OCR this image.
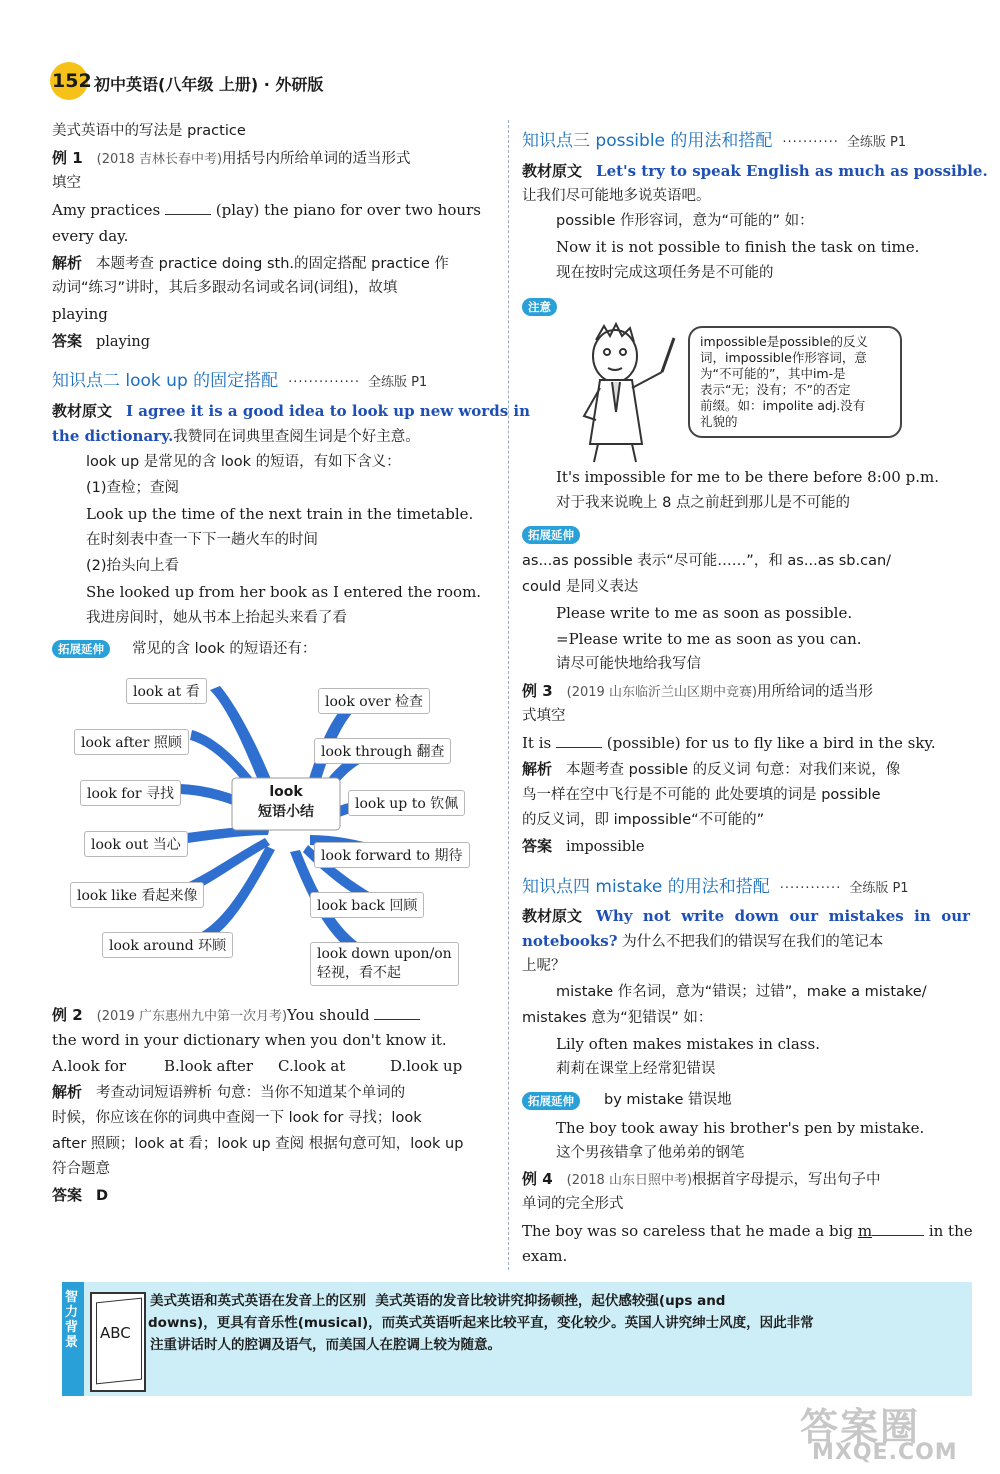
152 初中英语(八年级 上册) · 外研版
美式英语中的写法是 practice
例 1 (2018 吉林长春中考)用括号内所给单词的适当形式
填空
Amy practices	(play) the piano for over two hours
every day.
解析 本题考查 practice doing sth.的固定搭配 practice 作
动词“练习”讲时，其后多跟动名词或名词(词组)，故填
playing
答案 playing
知识点二 look up 的固定搭配 ·············· 全练版 P1
教材原文 I agree it is a good idea to look up new words in
the dictionary.我赞同在词典里查阅生词是个好主意。
look up 是常见的含 look 的短语，有如下含义：
(1)查检；查阅
Look up the time of the next train in the timetable.
在时刻表中查一下下一趟火车的时间
(2)抬头向上看
She looked up from her book as I entered the room.
我进房间时，她从书本上抬起头来看了看
拓展延伸	常见的含 look 的短语还有：
look
短语小结
look at 看
look after 照顾
look for 寻找
look out 当心
look like 看起来像
look around 环顾
look over 检查
look through 翻查
look up to 钦佩
look forward to 期待
look back 回顾
look down upon/on
轻视，看不起
例 2 (2019 广东惠州九中第一次月考)You should
the word in your dictionary when you don't know it.
A.look for	B.look after C.look at	D.look up
解析 考查动词短语辨析 句意：当你不知道某个单词的
时候，你应该在你的词典中查阅一下 look for 寻找；look
after 照顾；look at 看；look up 查阅 根据句意可知，look up
符合题意
答案 D
知识点三 possible 的用法和搭配 ··········· 全练版 P1
教材原文 Let's try to speak English as much as possible.
让我们尽可能地多说英语吧。
possible 作形容词，意为“可能的” 如：
Now it is not possible to finish the task on time.
现在按时完成这项任务是不可能的
注意
impossible是possible的反义
词，impossible作形容词，意
为“不可能的”，其中im-是
表示“无；没有；不”的否定
前缀。如：impolite adj.没有
礼貌的
It's impossible for me to be there before 8:00 p.m.
对于我来说晚上 8 点之前赶到那儿是不可能的
拓展延伸
as...as possible 表示“尽可能……”，和 as...as sb.can/
could 是同义表达
Please write to me as soon as possible.
=Please write to me as soon as you can.
请尽可能快地给我写信
例 3 (2019 山东临沂兰山区期中竞赛)用所给词的适当形
式填空
It is	(possible) for us to fly like a bird in the sky.
解析 本题考查 possible 的反义词 句意：对我们来说，像
鸟一样在空中飞行是不可能的 此处要填的词是 possible
的反义词，即 impossible“不可能的”
答案 impossible
知识点四 mistake 的用法和搭配 ············ 全练版 P1
教材原文 Why  not  write  down  our  mistakes  in  our
notebooks? 为什么不把我们的错误写在我们的笔记本
上呢？
mistake 作名词，意为“错误；过错”，make a mistake/
mistakes 意为“犯错误” 如：
Lily often makes mistakes in class.
莉莉在课堂上经常犯错误
拓展延伸	by mistake 错误地
The boy took away his brother's pen by mistake.
这个男孩错拿了他弟弟的钢笔
例 4 (2018 山东日照中考)根据首字母提示，写出句子中
单词的完全形式
The boy was so careless that he made a big m	in the
exam.
智力背景
ABC
美式英语和英式英语在发音上的区别 美式英语的发音比较讲究抑扬顿挫，起伏感较强(ups and
downs)，更具有音乐性(musical)，而英式英语听起来比较平直，变化较少。英国人讲究绅士风度，因此非常
注重讲话时人的腔调及语气，而美国人在腔调上较为随意。
答案圈
MXQE.COM
